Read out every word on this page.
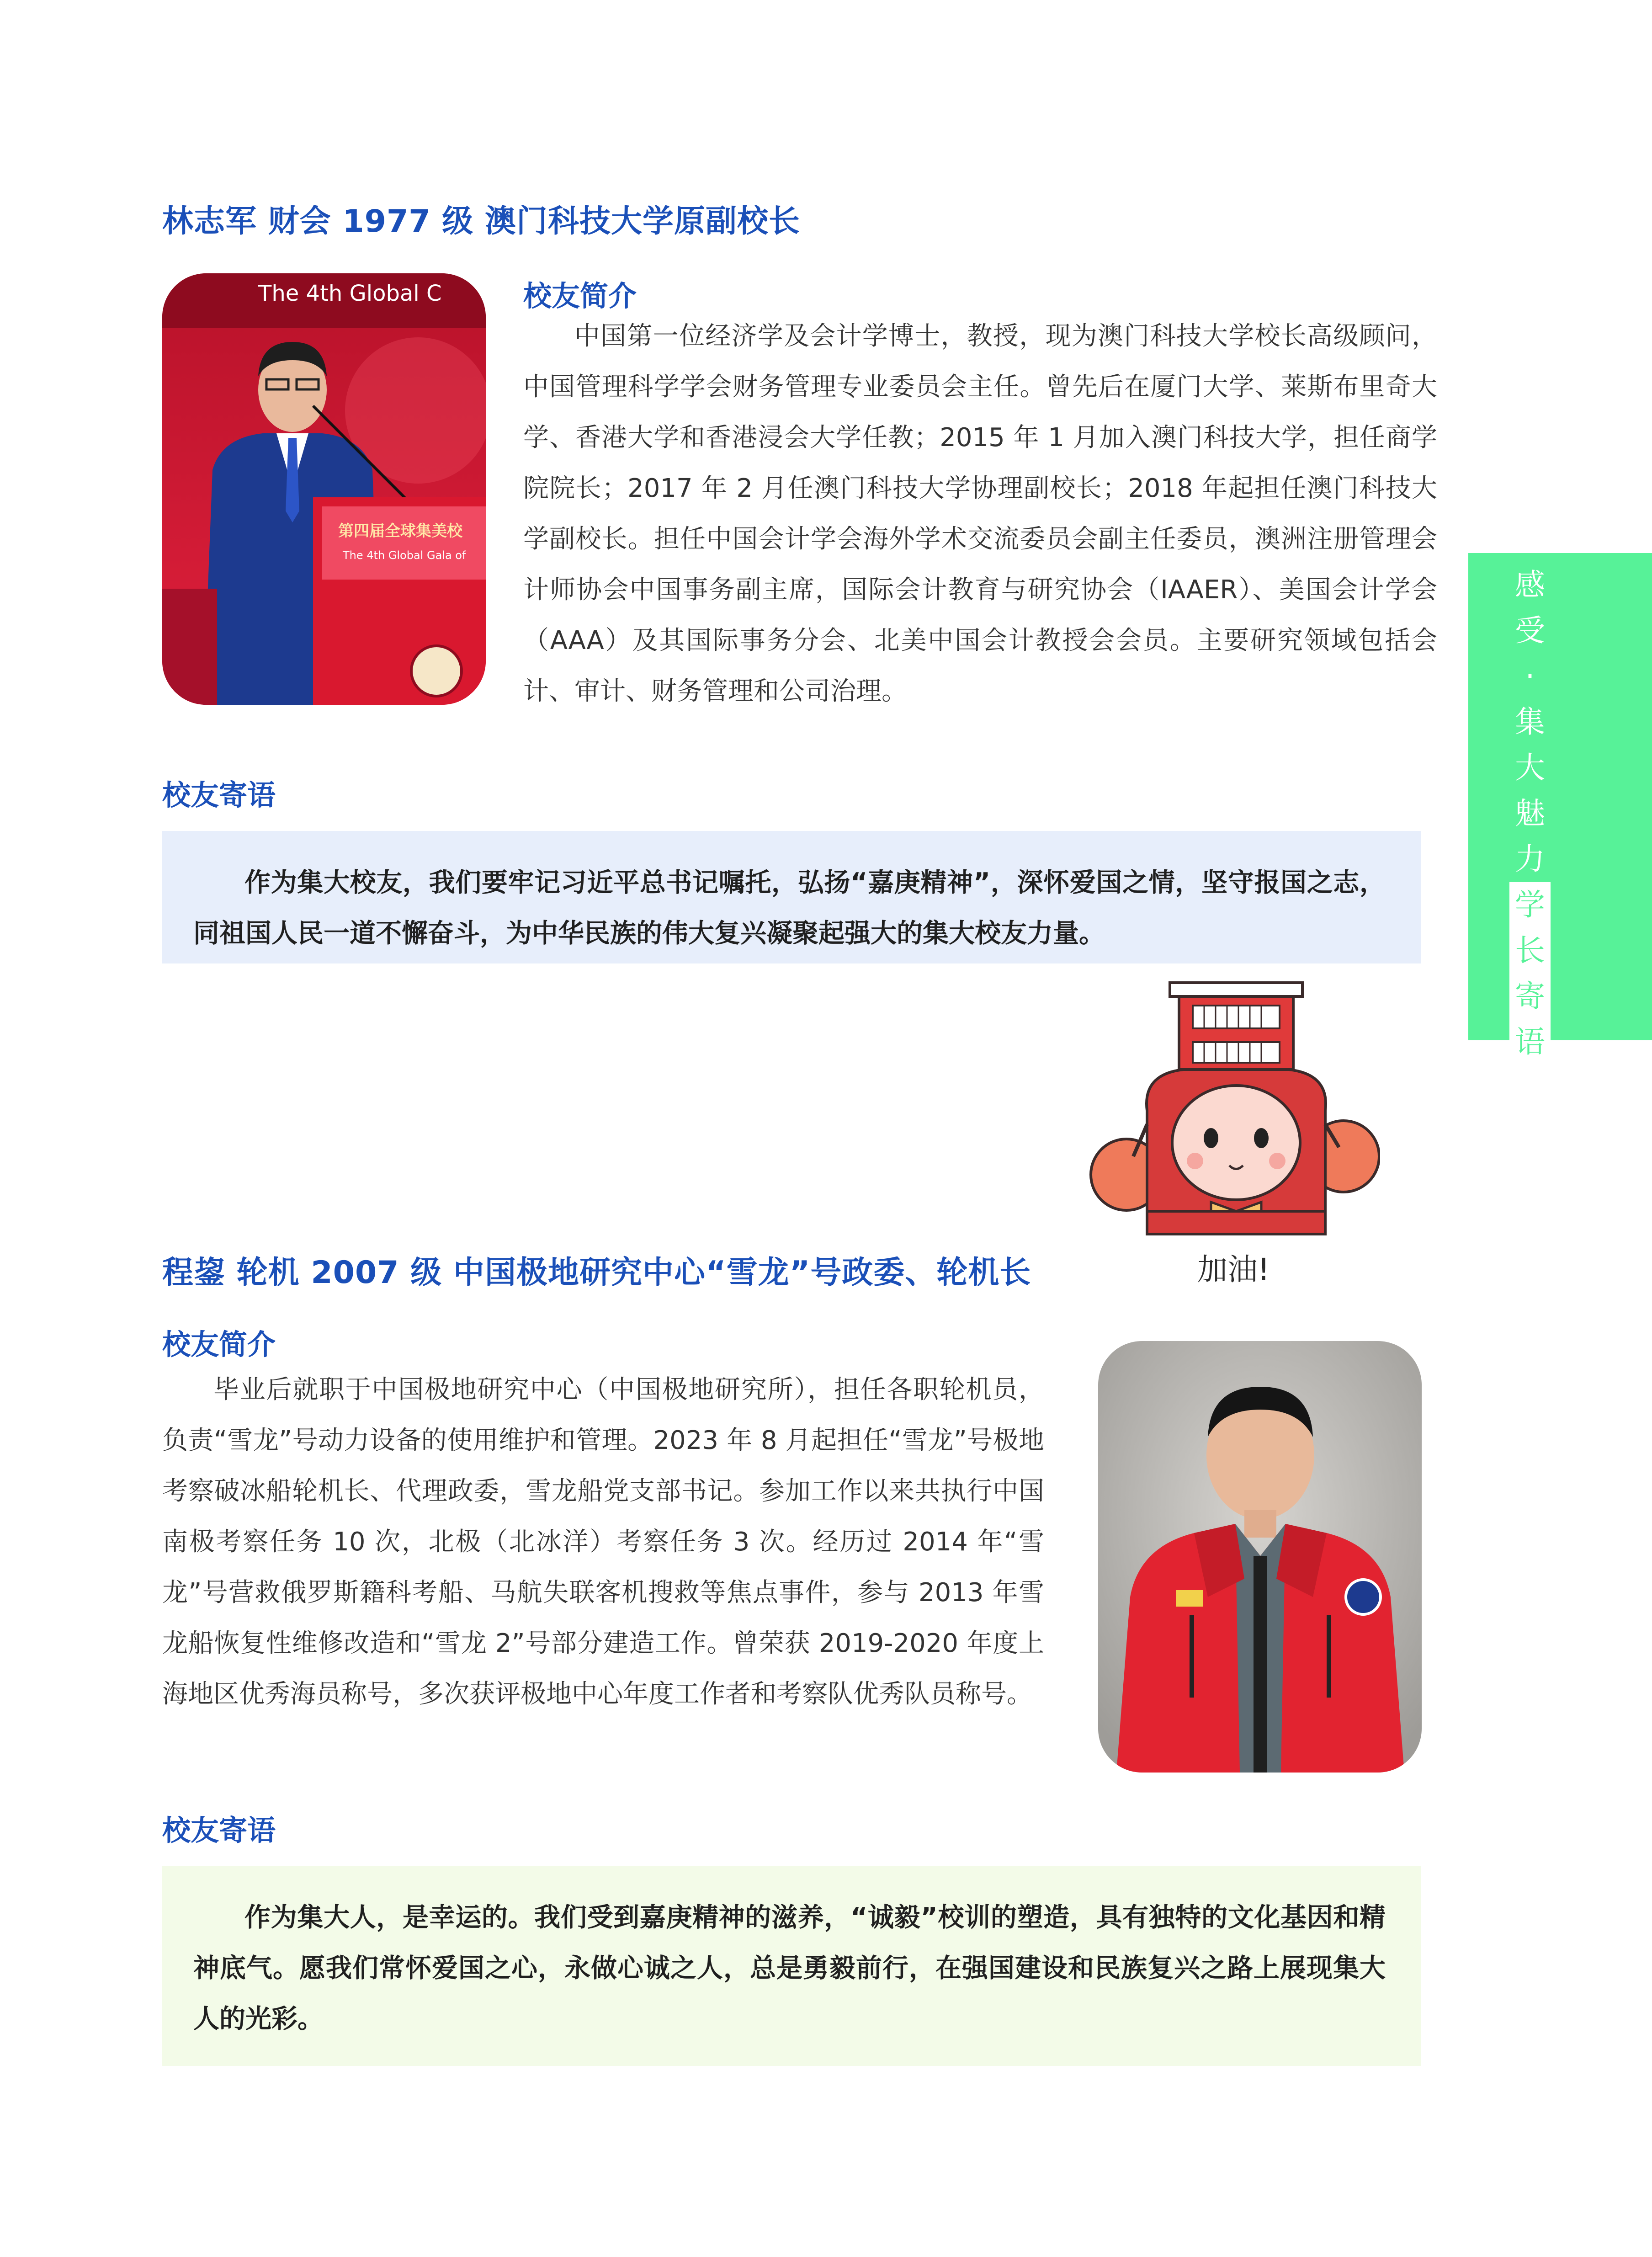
感
受
·
集
大
魅
力
学
长
寄
语
林志军 财会 1977 级 澳门科技大学原副校长
The 4th Global C
第四届全球集美校
The 4th Global Gala of
校友简介

中国第一位经济学及会计学博士，教授，现为澳门科技大学校长高级顾问，中国管理科学学会财务管理专业委员会主任。曾先后在厦门大学、莱斯布里奇大学、香港大学和香港浸会大学任教；2015 年 1 月加入澳门科技大学，担任商学院院长；2017 年 2 月任澳门科技大学协理副校长；2018 年起担任澳门科技大学副校长。担任中国会计学会海外学术交流委员会副主任委员，澳洲注册管理会计师协会中国事务副主席，国际会计教育与研究协会（IAAER）、美国会计学会（AAA）及其国际事务分会、北美中国会计教授会会员。主要研究领域包括会计、审计、财务管理和公司治理。

校友寄语

作为集大校友，我们要牢记习近平总书记嘱托，弘扬“嘉庚精神”，深怀爱国之情，坚守报国之志，同祖国人民一道不懈奋斗，为中华民族的伟大复兴凝聚起强大的集大校友力量。

加油!
程鋆 轮机 2007 级 中国极地研究中心“雪龙”号政委、轮机长
校友简介

毕业后就职于中国极地研究中心（中国极地研究所），担任各职轮机员，负责“雪龙”号动力设备的使用维护和管理。2023 年 8 月起担任“雪龙”号极地考察破冰船轮机长、代理政委，雪龙船党支部书记。参加工作以来共执行中国南极考察任务 10 次，北极（北冰洋）考察任务 3 次。经历过 2014 年“雪龙”号营救俄罗斯籍科考船、马航失联客机搜救等焦点事件，参与 2013 年雪龙船恢复性维修改造和“雪龙 2”号部分建造工作。曾荣获 2019-2020 年度上海地区优秀海员称号，多次获评极地中心年度工作者和考察队优秀队员称号。

校友寄语

作为集大人，是幸运的。我们受到嘉庚精神的滋养，“诚毅”校训的塑造，具有独特的文化基因和精神底气。愿我们常怀爱国之心，永做心诚之人，总是勇毅前行，在强国建设和民族复兴之路上展现集大人的光彩。
